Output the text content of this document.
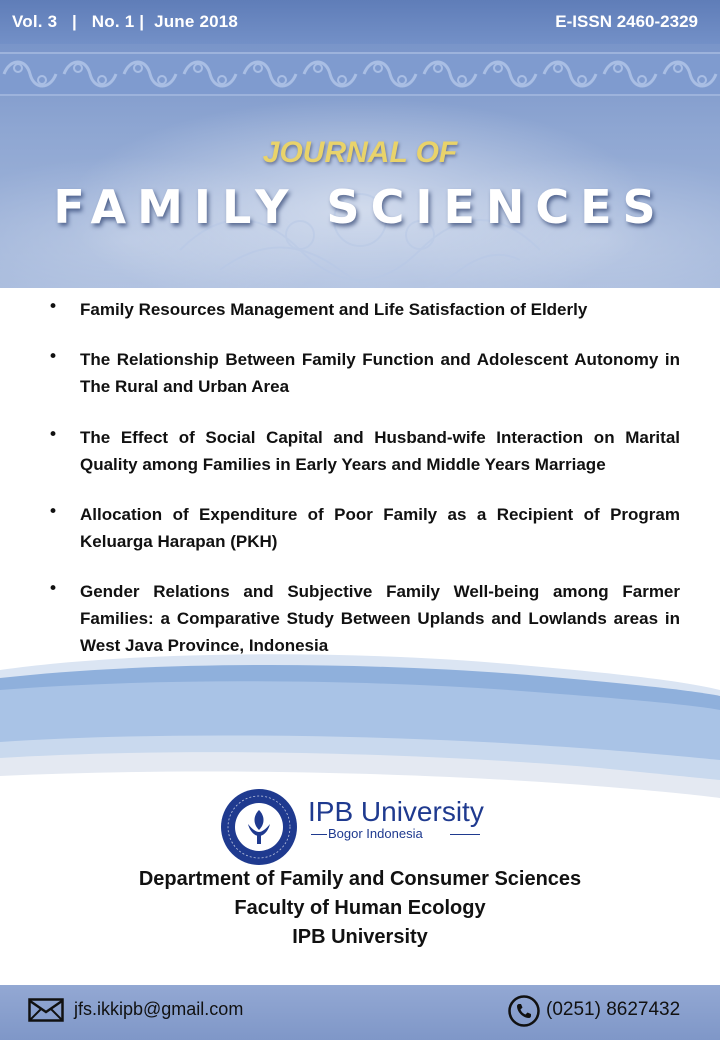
Vol. 3   |   No. 1 |  June 2018	E-ISSN 2460-2329
JOURNAL OF
FAMILY SCIENCES
• Family Resources Management and Life Satisfaction of Elderly
• The Relationship Between Family Function and Adolescent Autonomy in The Rural and Urban Area
• The Effect of Social Capital and Husband-wife Interaction on Marital Quality among Families in Early Years and Middle Years Marriage
• Allocation of Expenditure of Poor Family as a Recipient of Program Keluarga Harapan (PKH)
• Gender Relations and Subjective Family Well-being among Farmer Families: a Comparative Study Between Uplands and Lowlands areas in West Java Province, Indonesia
IPB University
Bogor Indonesia
Department of Family and Consumer Sciences
Faculty of Human Ecology
IPB University
jfs.ikkipb@gmail.com	(0251) 8627432
